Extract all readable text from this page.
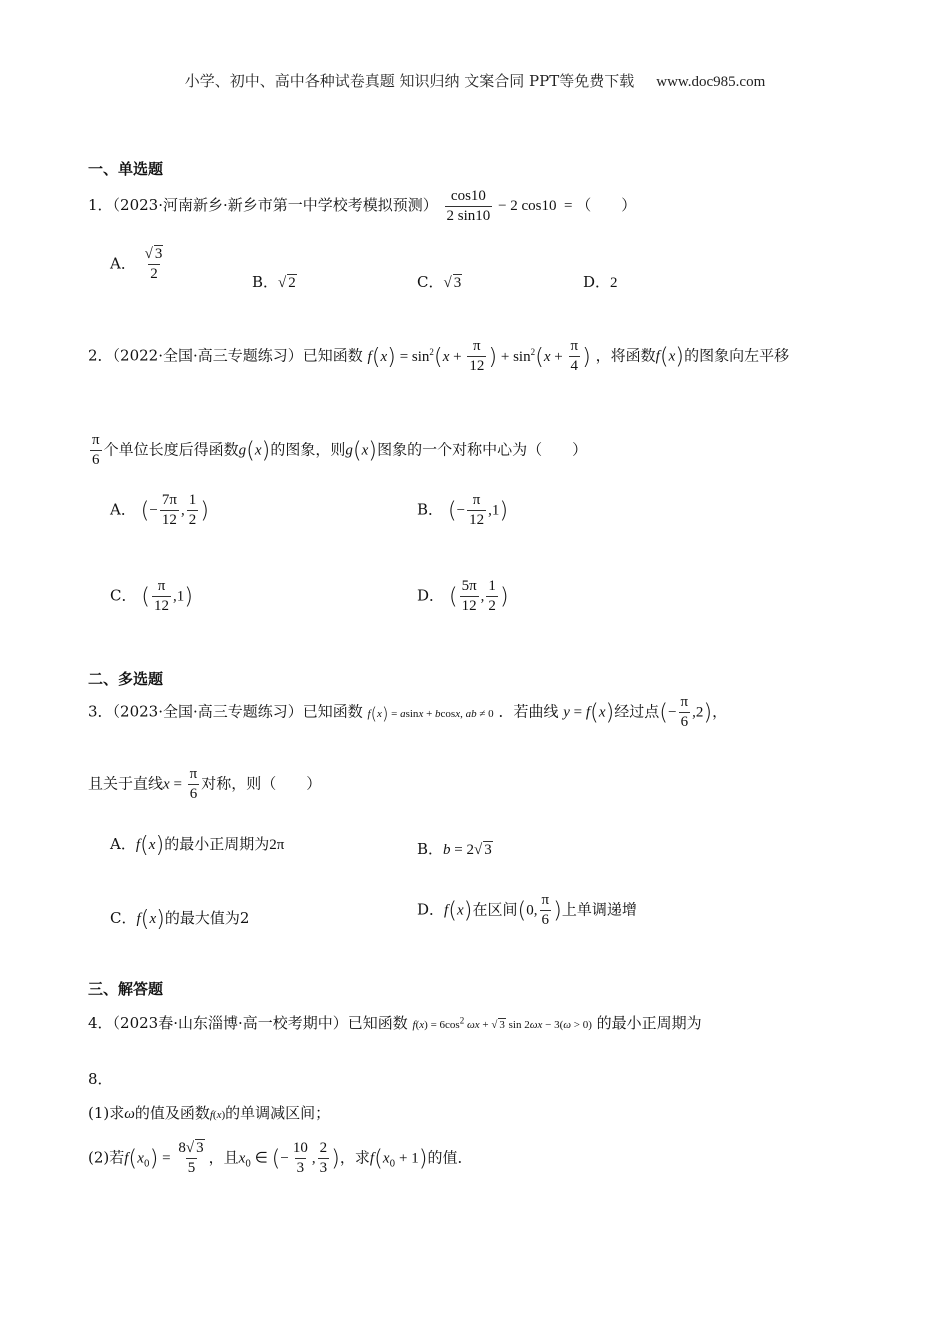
小学、初中、高中各种试卷真题 知识归纳 文案合同 PPT等免费下载 www.doc985.com
一、单选题
1．（2023·河南新乡·新乡市第一中学校考模拟预测） $\frac{\cos 10}{2 \sin 10} - 2$ cos10  = （　　）
A． $\frac{√ 3}{2}$	B．√ 2	C．√ 3	D．2
2．（2022·全国·高三专题练习）已知函数 $f(x) = \sin^2(x + \frac{\pi}{12}$ ) + $\sin^2(x + \frac{\pi}{4}$ ) ，将函数f(x)的图象向左平移
$\frac{\pi}{6}$ 个单位长度后得函数g(x)的图象，则g(x)图象的一个对称中心为（　　）
A． (− $\frac{7\pi}{12}$ , $\frac{1}{2}$ )	B． (− $\frac{\pi}{12} ,1$)
C． ( $\frac{\pi}{12} ,1$)	D． ( $\frac{5\pi}{12}$ , $\frac{1}{2}$ )
二、多选题
3．（2023·全国·高三专题练习）已知函数 f(x) = asinx + bcosx, ab ≠ 0 ．若曲线 y = f(x)经过点(− $\frac{\pi}{6} ,2$)，
且关于直线$x = \frac{\pi}{6}$ 对称，则（　　）
A．f(x)的最小正周期为2π	B．b = 2√ 3
C．f(x)的最大值为2	D．f(x)在区间(0, $\frac{\pi}{6}$ )上单调递增
三、解答题
4．（2023春·山东淄博·高一校考期中）已知函数 $f(x) = 6\cos^2$ ωx + √ 3 sin 2ωx − 3(ω > 0) 的最小正周期为
8．
(1)求ω的值及函数f(x)的单调减区间；
(2)若$f(x_0) = \frac{8√ 3}{5}$ ，且$x_0$ ∈ (− $\frac{10}{3}$ , $\frac{2}{3}$ )，求$f(x_0 + 1)$的值．
